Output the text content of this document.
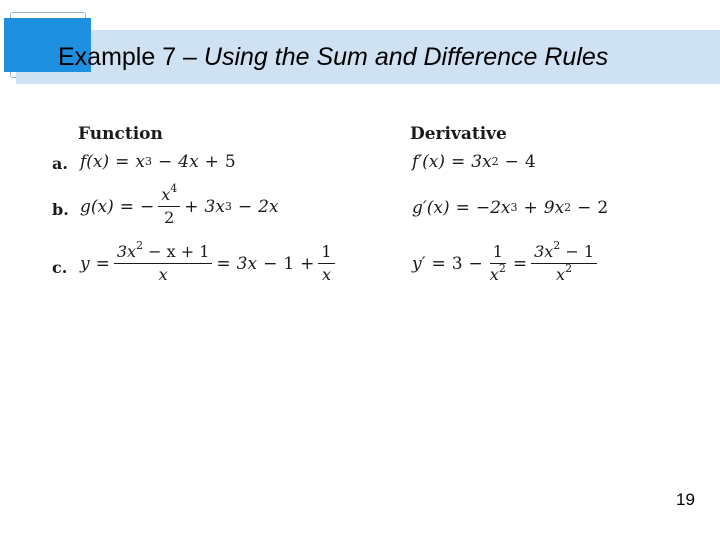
Example 7 – Using the Sum and Difference Rules
Function	Derivative
a. f(x) = x 3 − 4x + 5	f′(x) = 3x 2 − 4
b. g(x) = − $\frac{x^4}{2} + 3x$ 3 − 2x	g′(x) = −2x 3 + 9x 2 − 2
c. $y = \frac{3x^2 - x + 1}{x} = 3x - 1 + \frac{1}{x}$	$y' = 3 - \frac{1}{x^2} = \frac{3x^2 - 1}{x^2}$
19
